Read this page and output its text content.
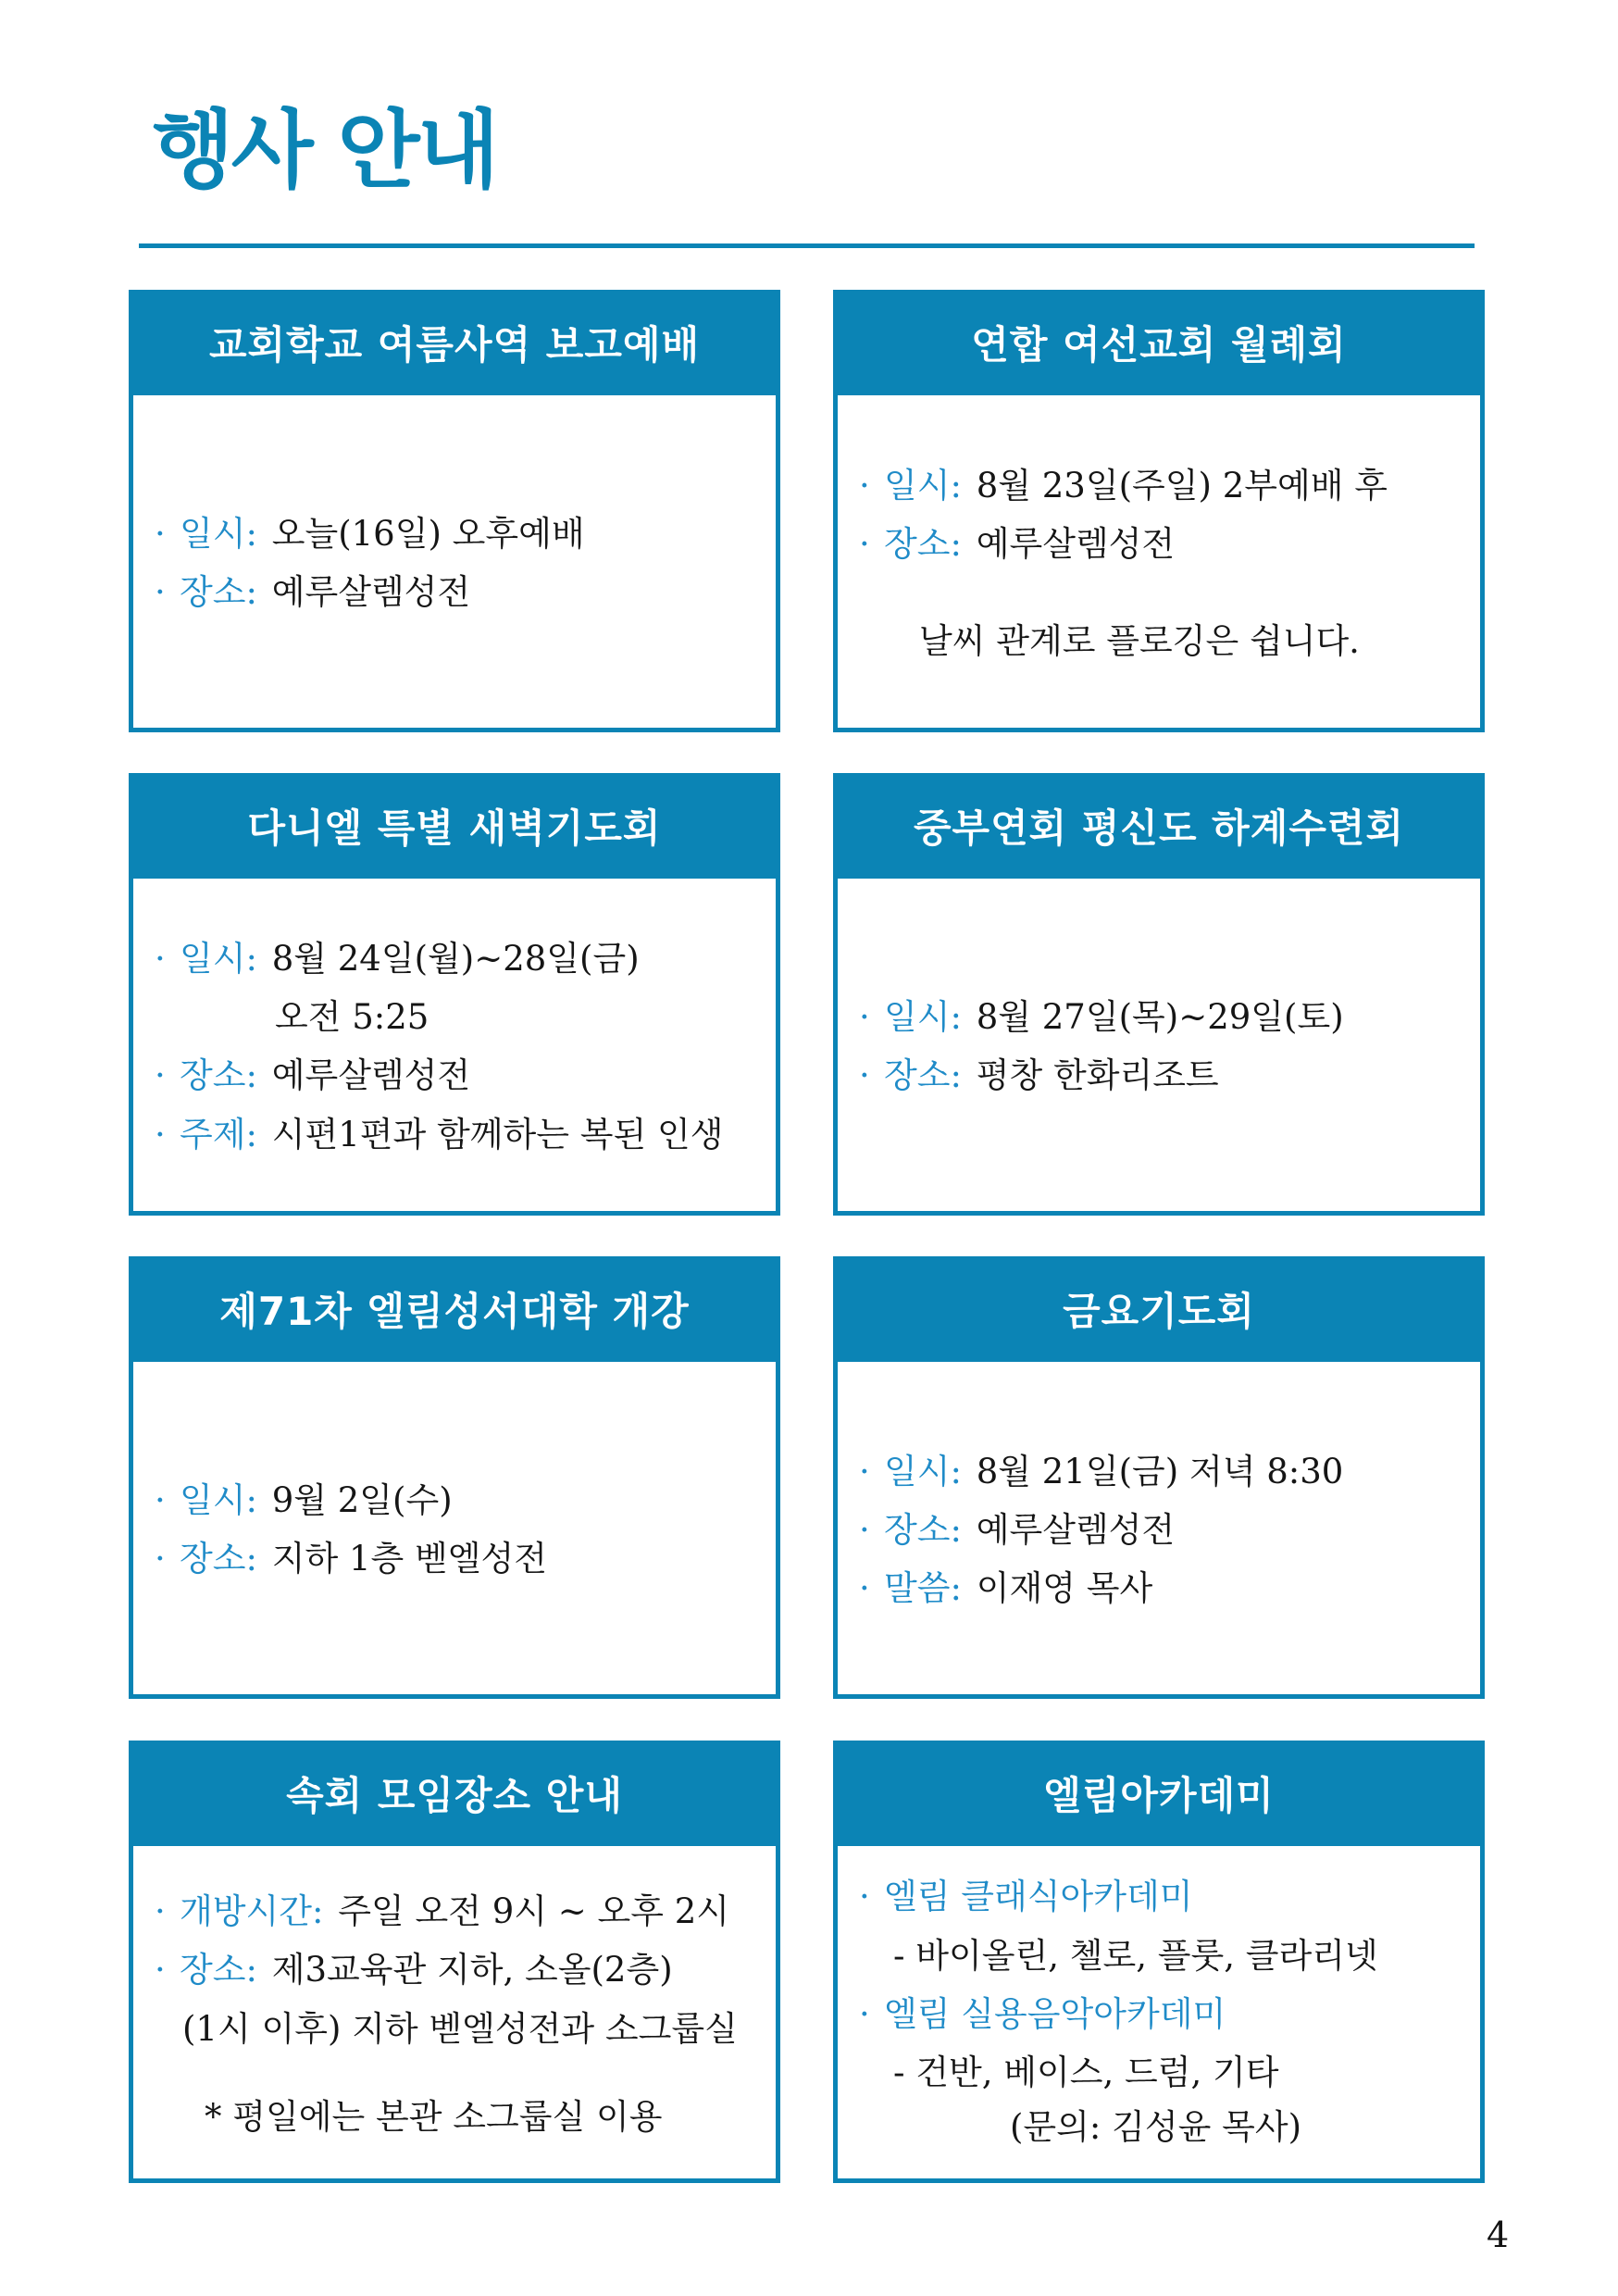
행사 안내
교회학교 여름사역 보고예배
· 일시: 오늘(16일) 오후예배
· 장소: 예루살렘성전
연합 여선교회 월례회
· 일시: 8월 23일(주일) 2부예배 후
· 장소: 예루살렘성전
날씨 관계로 플로깅은 쉽니다.
다니엘 특별 새벽기도회
· 일시: 8월 24일(월)~28일(금)
오전 5:25
· 장소: 예루살렘성전
· 주제: 시편1편과 함께하는 복된 인생
중부연회 평신도 하계수련회
· 일시: 8월 27일(목)~29일(토)
· 장소: 평창 한화리조트
제71차 엘림성서대학 개강
· 일시: 9월 2일(수)
· 장소: 지하 1층 벧엘성전
금요기도회
· 일시: 8월 21일(금) 저녁 8:30
· 장소: 예루살렘성전
· 말씀: 이재영 목사
속회 모임장소 안내
· 개방시간: 주일 오전 9시 ~ 오후 2시
· 장소: 제3교육관 지하, 소올(2층)
(1시 이후) 지하 벧엘성전과 소그룹실
* 평일에는 본관 소그룹실 이용
엘림아카데미
· 엘림 클래식아카데미
- 바이올린, 첼로, 플룻, 클라리넷
· 엘림 실용음악아카데미
- 건반, 베이스, 드럼, 기타
(문의: 김성윤 목사)
4
